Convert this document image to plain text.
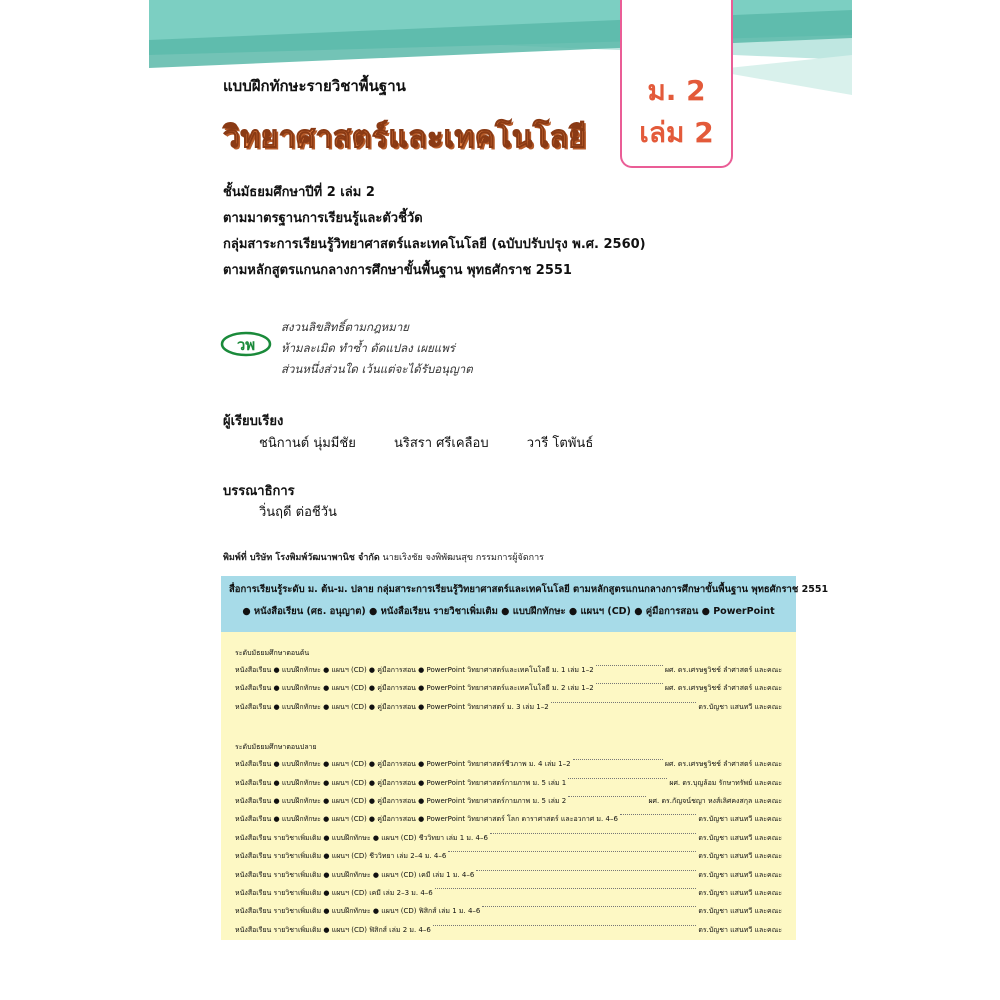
แบบฝึกทักษะรายวิชาพื้นฐาน
วิทยาศาสตร์และเทคโนโลยี
ม. 2
เล่ม 2
ชั้นมัธยมศึกษาปีที่ 2 เล่ม 2
ตามมาตรฐานการเรียนรู้และตัวชี้วัด
กลุ่มสาระการเรียนรู้วิทยาศาสตร์และเทคโนโลยี (ฉบับปรับปรุง พ.ศ. 2560)
ตามหลักสูตรแกนกลางการศึกษาขั้นพื้นฐาน พุทธศักราช 2551
วพ
สงวนลิขสิทธิ์ตามกฎหมาย
ห้ามละเมิด ทำซ้ำ ดัดแปลง เผยแพร่
ส่วนหนึ่งส่วนใด เว้นแต่จะได้รับอนุญาต
ผู้เรียบเรียง
ชนิกานต์ นุ่มมีชัย	นริสรา ศรีเคลือบ	วารี โตพันธ์
บรรณาธิการ
วิ่นฤดี ต่อชีวัน
พิมพ์ที่ บริษัท โรงพิมพ์วัฒนาพานิช จำกัด นายเริงชัย จงพิพัฒนสุข กรรมการผู้จัดการ
สื่อการเรียนรู้ระดับ ม. ต้น-ม. ปลาย กลุ่มสาระการเรียนรู้วิทยาศาสตร์และเทคโนโลยี ตามหลักสูตรแกนกลางการศึกษาขั้นพื้นฐาน พุทธศักราช 2551
● หนังสือเรียน (ศธ. อนุญาต) ● หนังสือเรียน รายวิชาเพิ่มเติม ● แบบฝึกทักษะ ● แผนฯ (CD) ● คู่มือการสอน ● PowerPoint
ระดับมัธยมศึกษาตอนต้น
หนังสือเรียน ● แบบฝึกทักษะ ● แผนฯ (CD) ● คู่มือการสอน ● PowerPoint วิทยาศาสตร์และเทคโนโลยี ม. 1 เล่ม 1–2	ผศ. ดร.เศรษฐวิชช์ ลำศาสตร์ และคณะ
หนังสือเรียน ● แบบฝึกทักษะ ● แผนฯ (CD) ● คู่มือการสอน ● PowerPoint วิทยาศาสตร์และเทคโนโลยี ม. 2 เล่ม 1–2	ผศ. ดร.เศรษฐวิชช์ ลำศาสตร์ และคณะ
หนังสือเรียน ● แบบฝึกทักษะ ● แผนฯ (CD) ● คู่มือการสอน ● PowerPoint วิทยาศาสตร์ ม. 3 เล่ม 1–2	ดร.บัญชา แสนทวี และคณะ
ระดับมัธยมศึกษาตอนปลาย
หนังสือเรียน ● แบบฝึกทักษะ ● แผนฯ (CD) ● คู่มือการสอน ● PowerPoint วิทยาศาสตร์ชีวภาพ ม. 4 เล่ม 1–2	ผศ. ดร.เศรษฐวิชช์ ลำศาสตร์ และคณะ
หนังสือเรียน ● แบบฝึกทักษะ ● แผนฯ (CD) ● คู่มือการสอน ● PowerPoint วิทยาศาสตร์กายภาพ ม. 5 เล่ม 1	ผศ. ดร.บุญล้อม รักษาทรัพย์ และคณะ
หนังสือเรียน ● แบบฝึกทักษะ ● แผนฯ (CD) ● คู่มือการสอน ● PowerPoint วิทยาศาสตร์กายภาพ ม. 5 เล่ม 2	ผศ. ดร.กัญจน์ชญา หงส์เลิศคงสกุล และคณะ
หนังสือเรียน ● แบบฝึกทักษะ ● แผนฯ (CD) ● คู่มือการสอน ● PowerPoint วิทยาศาสตร์ โลก ดาราศาสตร์ และอวกาศ ม. 4–6	ดร.บัญชา แสนทวี และคณะ
หนังสือเรียน รายวิชาเพิ่มเติม ● แบบฝึกทักษะ ● แผนฯ (CD) ชีววิทยา เล่ม 1 ม. 4–6	ดร.บัญชา แสนทวี และคณะ
หนังสือเรียน รายวิชาเพิ่มเติม ● แผนฯ (CD) ชีววิทยา เล่ม 2–4 ม. 4–6	ดร.บัญชา แสนทวี และคณะ
หนังสือเรียน รายวิชาเพิ่มเติม ● แบบฝึกทักษะ ● แผนฯ (CD) เคมี เล่ม 1 ม. 4–6	ดร.บัญชา แสนทวี และคณะ
หนังสือเรียน รายวิชาเพิ่มเติม ● แผนฯ (CD) เคมี เล่ม 2–3 ม. 4–6	ดร.บัญชา แสนทวี และคณะ
หนังสือเรียน รายวิชาเพิ่มเติม ● แบบฝึกทักษะ ● แผนฯ (CD) ฟิสิกส์ เล่ม 1 ม. 4–6	ดร.บัญชา แสนทวี และคณะ
หนังสือเรียน รายวิชาเพิ่มเติม ● แผนฯ (CD) ฟิสิกส์ เล่ม 2 ม. 4–6	ดร.บัญชา แสนทวี และคณะ
